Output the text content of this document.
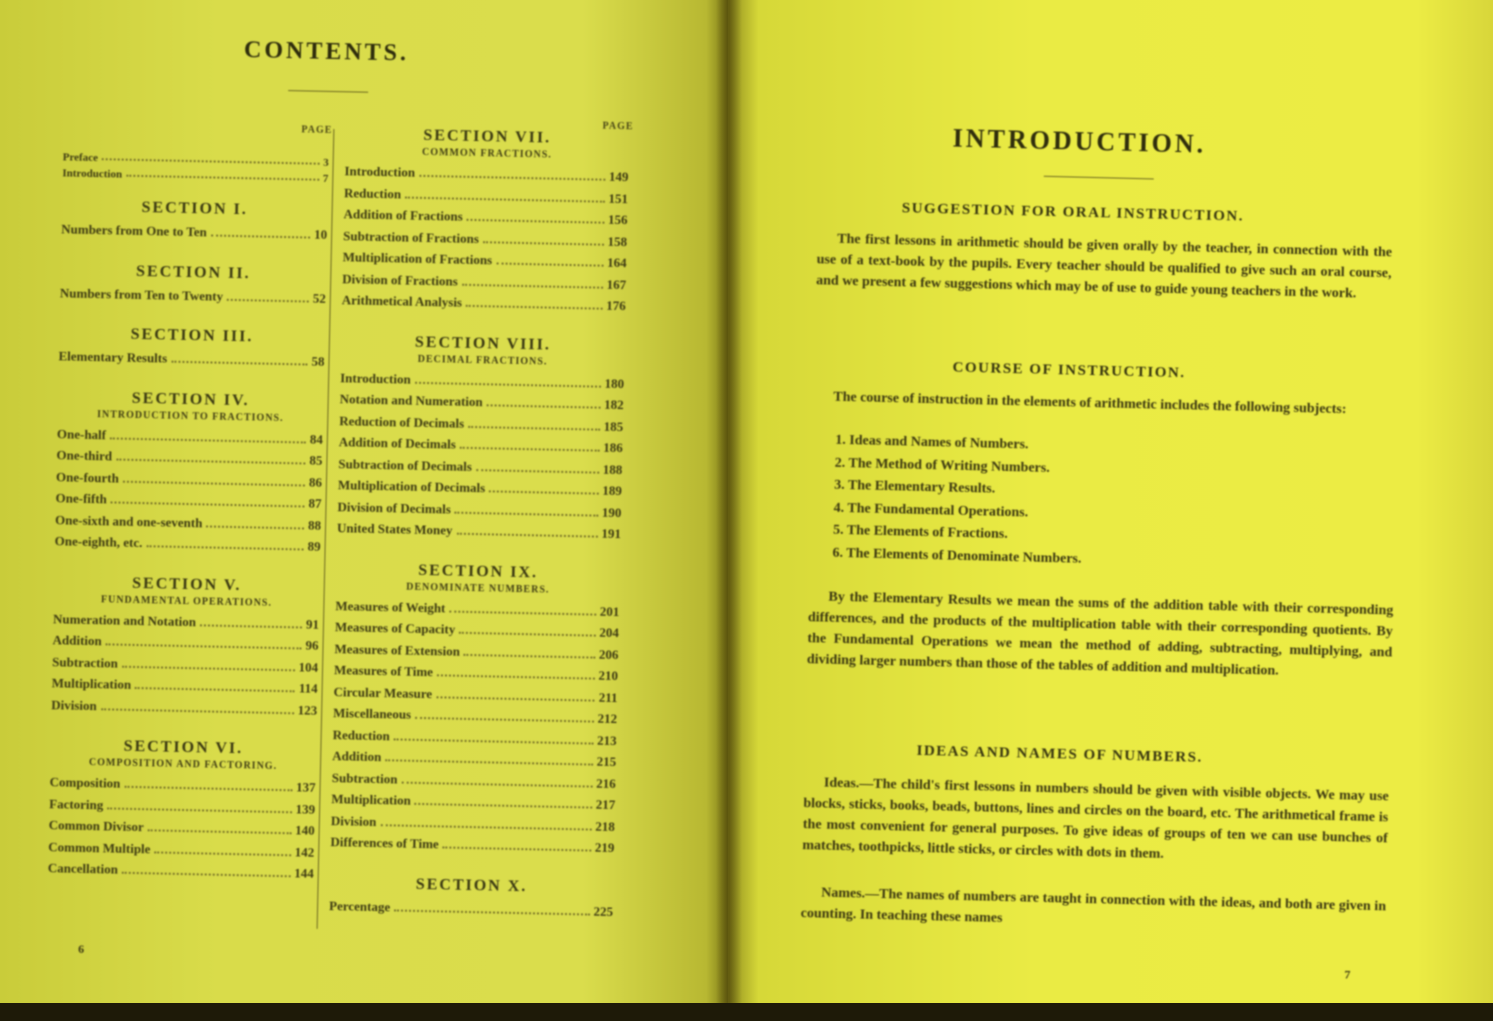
CONTENTS.
PAGE	PAGE
Preface	3
Introduction	7
SECTION I.
Numbers from One to Ten	10
SECTION II.
Numbers from Ten to Twenty	52
SECTION III.
Elementary Results	58
SECTION IV.
INTRODUCTION TO FRACTIONS.
One-half	84
One-third	85
One-fourth	86
One-fifth	87
One-sixth and one-seventh	88
One-eighth, etc.	89
SECTION V.
FUNDAMENTAL OPERATIONS.
Numeration and Notation	91
Addition	96
Subtraction	104
Multiplication	114
Division	123
SECTION VI.
COMPOSITION AND FACTORING.
Composition	137
Factoring	139
Common Divisor	140
Common Multiple	142
Cancellation	144
SECTION VII.
COMMON FRACTIONS.
Introduction	149
Reduction	151
Addition of Fractions	156
Subtraction of Fractions	158
Multiplication of Fractions	164
Division of Fractions	167
Arithmetical Analysis	176
SECTION VIII.
DECIMAL FRACTIONS.
Introduction	180
Notation and Numeration	182
Reduction of Decimals	185
Addition of Decimals	186
Subtraction of Decimals	188
Multiplication of Decimals	189
Division of Decimals	190
United States Money	191
SECTION IX.
DENOMINATE NUMBERS.
Measures of Weight	201
Measures of Capacity	204
Measures of Extension	206
Measures of Time	210
Circular Measure	211
Miscellaneous	212
Reduction	213
Addition	215
Subtraction	216
Multiplication	217
Division	218
Differences of Time	219
SECTION X.
Percentage	225
6
INTRODUCTION.
SUGGESTION FOR ORAL INSTRUCTION.
The first lessons in arithmetic should be given orally by the teacher, in connection with the use of a text-book by the pupils. Every teacher should be qualified to give such an oral course, and we present a few suggestions which may be of use to guide young teachers in the work.
COURSE OF INSTRUCTION.
The course of instruction in the elements of arithmetic includes the following subjects:
1. Ideas and Names of Numbers.
2. The Method of Writing Numbers.
3. The Elementary Results.
4. The Fundamental Operations.
5. The Elements of Fractions.
6. The Elements of Denominate Numbers.
By the Elementary Results we mean the sums of the addition table with their corresponding differences, and the products of the multiplication table with their corresponding quotients. By the Fundamental Operations we mean the method of adding, subtracting, multiplying, and dividing larger numbers than those of the tables of addition and multiplication.
IDEAS AND NAMES OF NUMBERS.
Ideas.—The child's first lessons in numbers should be given with visible objects. We may use blocks, sticks, books, beads, buttons, lines and circles on the board, etc. The arithmetical frame is the most convenient for general purposes. To give ideas of groups of ten we can use bunches of matches, toothpicks, little sticks, or circles with dots in them.
Names.—The names of numbers are taught in connection with the ideas, and both are given in counting. In teaching these names
7
